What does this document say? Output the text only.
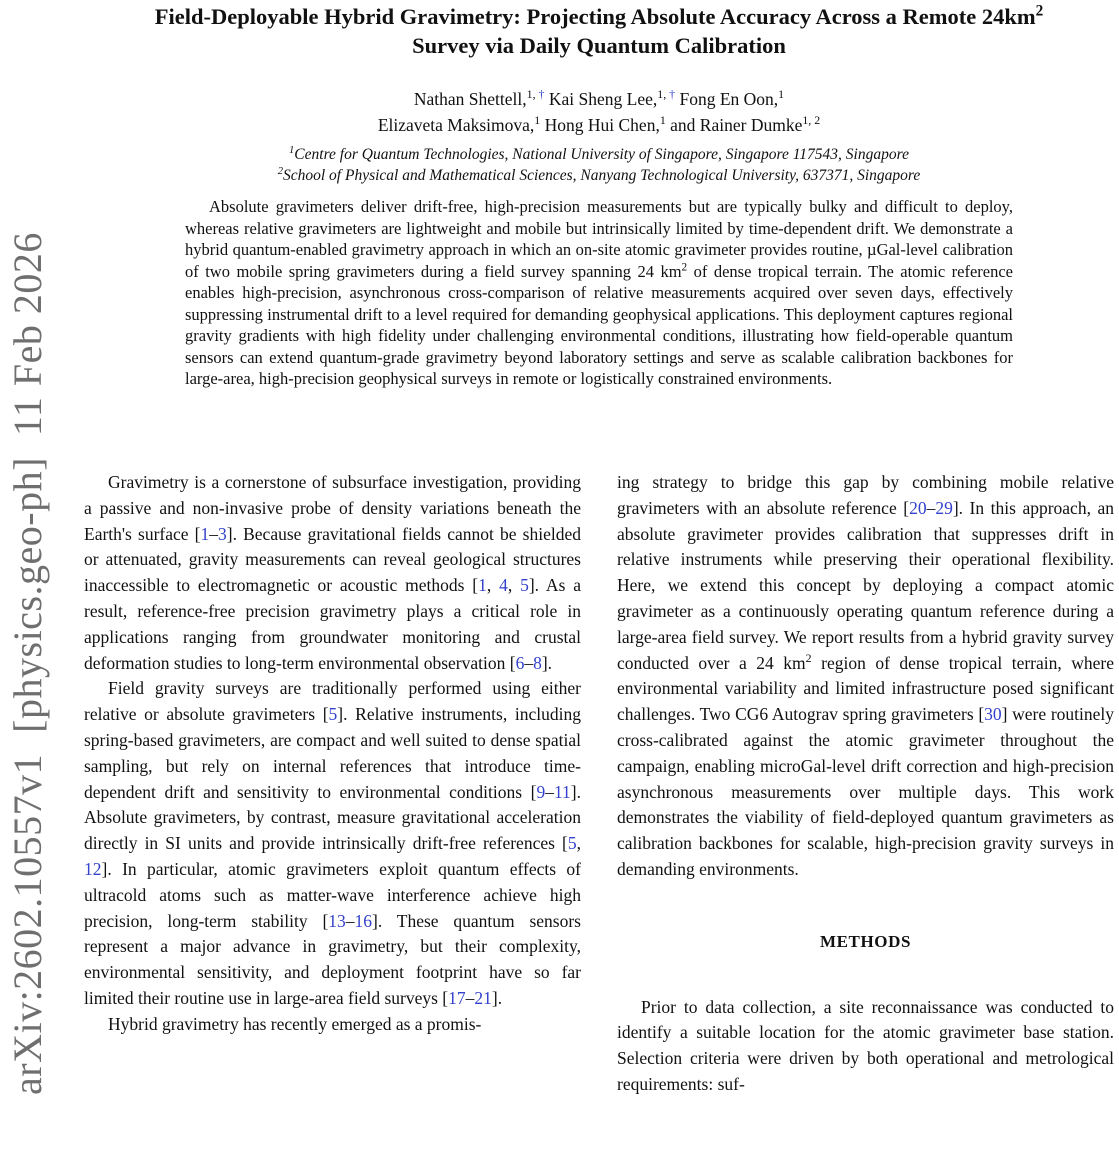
arXiv:2602.10557v1  [physics.geo-ph]  11 Feb 2026
Field-Deployable Hybrid Gravimetry: Projecting Absolute Accuracy Across a Remote $24km^2$ Survey via Daily Quantum Calibration
Nathan Shettell,$^{1, \dagger}$ Kai Sheng Lee,$^{1, \dagger}$ Fong En Oon,$^1$
Elizaveta Maksimova,$^1$ Hong Hui Chen,$^1$ and Rainer Dumke$^{1, 2}$
$^1$Centre for Quantum Technologies, National University of Singapore, Singapore 117543, Singapore
$^2$School of Physical and Mathematical Sciences, Nanyang Technological University, 637371, Singapore
Absolute gravimeters deliver drift-free, high-precision measurements but are typically bulky and difficult to deploy, whereas relative gravimeters are lightweight and mobile but intrinsically limited by time-dependent drift. We demonstrate a hybrid quantum-enabled gravimetry approach in which an on-site atomic gravimeter provides routine, µGal-level calibration of two mobile spring gravimeters during a field survey spanning 24 $km^2$ of dense tropical terrain. The atomic reference enables high-precision, asynchronous cross-comparison of relative measurements acquired over seven days, effectively suppressing instrumental drift to a level required for demanding geophysical applications. This deployment captures regional gravity gradients with high fidelity under challenging environmental conditions, illustrating how field-operable quantum sensors can extend quantum-grade gravimetry beyond laboratory settings and serve as scalable calibration backbones for large-area, high-precision geophysical surveys in remote or logistically constrained environments.

Gravimetry is a cornerstone of subsurface investigation, providing a passive and non-invasive probe of density variations beneath the Earth's surface [1–3]. Because gravitational fields cannot be shielded or attenuated, gravity measurements can reveal geological structures inaccessible to electromagnetic or acoustic methods [1, 4, 5]. As a result, reference-free precision gravimetry plays a critical role in applications ranging from groundwater monitoring and crustal deformation studies to long-term environmental observation [6–8].

Field gravity surveys are traditionally performed using either relative or absolute gravimeters [5]. Relative instruments, including spring-based gravimeters, are compact and well suited to dense spatial sampling, but rely on internal references that introduce time-dependent drift and sensitivity to environmental conditions [9–11]. Absolute gravimeters, by contrast, measure gravitational acceleration directly in SI units and provide intrinsically drift-free references [5, 12]. In particular, atomic gravimeters exploit quantum effects of ultracold atoms such as matter-wave interference achieve high precision, long-term stability [13–16]. These quantum sensors represent a major advance in gravimetry, but their complexity, environmental sensitivity, and deployment footprint have so far limited their routine use in large-area field surveys [17–21].

Hybrid gravimetry has recently emerged as a promis-

ing strategy to bridge this gap by combining mobile relative gravimeters with an absolute reference [20–29]. In this approach, an absolute gravimeter provides calibration that suppresses drift in relative instruments while preserving their operational flexibility. Here, we extend this concept by deploying a compact atomic gravimeter as a continuously operating quantum reference during a large-area field survey. We report results from a hybrid gravity survey conducted over a 24 $km^2$ region of dense tropical terrain, where environmental variability and limited infrastructure posed significant challenges. Two CG6 Autograv spring gravimeters [30] were routinely cross-calibrated against the atomic gravimeter throughout the campaign, enabling microGal-level drift correction and high-precision asynchronous measurements over multiple days. This work demonstrates the viability of field-deployed quantum gravimeters as calibration backbones for scalable, high-precision gravity surveys in demanding environments.

METHODS

Prior to data collection, a site reconnaissance was conducted to identify a suitable location for the atomic gravimeter base station. Selection criteria were driven by both operational and metrological requirements: suf-
